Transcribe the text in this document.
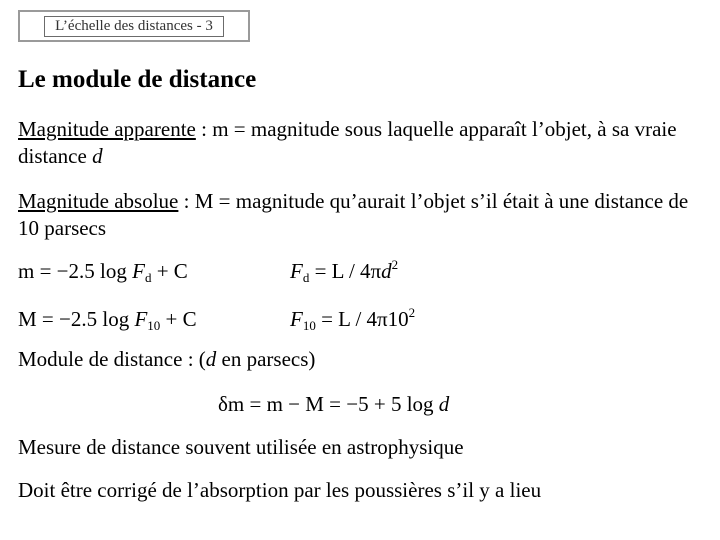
L’échelle des distances - 3
Le module de distance
Magnitude apparente : m = magnitude sous laquelle apparaît l’objet, à sa vraie distance d
Magnitude absolue : M = magnitude qu’aurait l’objet s’il était à une distance de 10 parsecs
m = −2.5 $\log F_d + C$	$F_d = L / 4\pi d^2$
M = −2.5 $\log F_{10} + C$	$F_{10} = L / 4\pi 10^2$
Module de distance : (d en parsecs)
δm = m − M = −5 + 5 log d
Mesure de distance souvent utilisée en astrophysique
Doit être corrigé de l’absorption par les poussières s’il y a lieu
